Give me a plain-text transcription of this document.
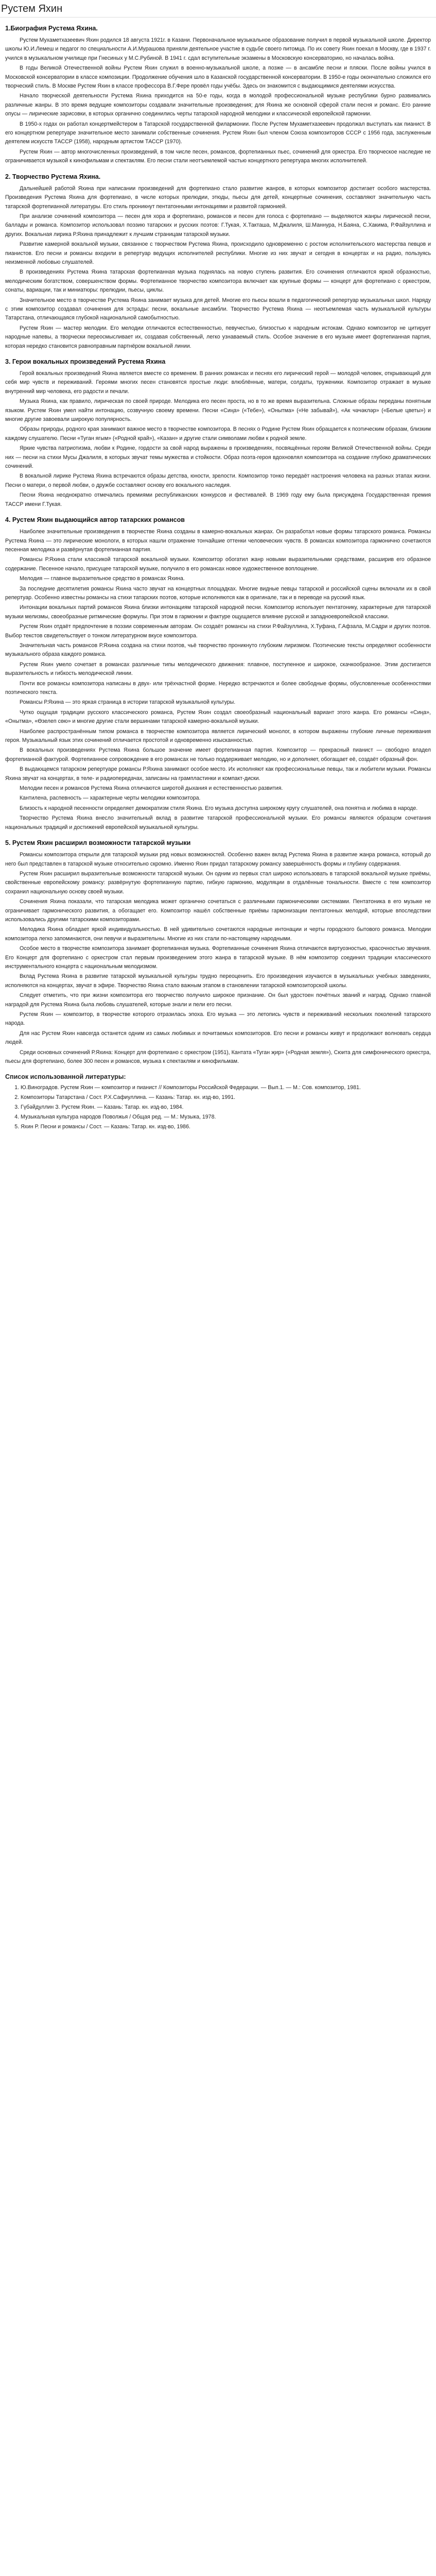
Рустем Яхин
1.Биография Рустема Яхина.

Рустем Мухаметхазеевич Яхин родился 18 августа 1921г. в Казани. Первоначальное музыкальное образование получил в первой музыкальной школе. Директор школы Ю.И.Лемеш и педагог по специальности А.И.Мурашова приняли деятельное участие в судьбе своего питомца. По их совету Яхин поехал в Москву, где в 1937 г. учился в музыкальном училище при Гнесиных у М.С.Рубиной. В 1941 г. сдал вступительные экзамены в Московскую консерваторию, но началась война.

В годы Великой Отечественной войны Рустем Яхин служил в военно-музыкальной школе, а позже — в ансамбле песни и пляски. После войны учился в Московской консерватории в классе композиции. Продолжение обучения шло в Казанской государственной консерватории. В 1950-е годы окончательно сложился его творческий стиль. В Москве Рустем Яхин в классе профессора В.Г.Фере провёл годы учёбы. Здесь он знакомится с выдающимися деятелями искусства.

Начало творческой деятельности Рустема Яхина приходится на 50-е годы, когда в молодой профессиональной музыке республики бурно развивались различные жанры. В это время ведущие композиторы создавали значительные произведения; для Яхина же основной сферой стали песня и романс. Его ранние опусы — лирические зарисовки, в которых органично соединились черты татарской народной мелодики и классической европейской гармонии.

В 1950-х годах он работал концертмейстером в Татарской государственной филармонии. После Рустем Мухаметхазеевич продолжал выступать как пианист. В его концертном репертуаре значительное место занимали собственные сочинения. Рустем Яхин был членом Союза композиторов СССР с 1956 года, заслуженным деятелем искусств ТАССР (1958), народным артистом ТАССР (1970).

Рустем Яхин — автор многочисленных произведений, в том числе песен, романсов, фортепианных пьес, сочинений для оркестра. Его творческое наследие не ограничивается музыкой к кинофильмам и спектаклям. Его песни стали неотъемлемой частью концертного репертуара многих исполнителей.

2. Творчество Рустема Яхина.

Дальнейшей работой Яхина при написании произведений для фортепиано стало развитие жанров, в которых композитор достигает особого мастерства. Произведения Рустема Яхина для фортепиано, в числе которых прелюдии, этюды, пьесы для детей, концертные сочинения, составляют значительную часть татарской фортепианной литературы. Его стиль проникнут пентатонными интонациями и развитой гармонией.

При анализе сочинений композитора — песен для хора и фортепиано, романсов и песен для голоса с фортепиано — выделяются жанры лирической песни, баллады и романса. Композитор использовал поэзию татарских и русских поэтов: Г.Тукая, Х.Такташа, М.Джалиля, Ш.Маннура, Н.Баяна, С.Хакима, Р.Файзуллина и других. Вокальная лирика Р.Яхина принадлежит к лучшим страницам татарской музыки.

Развитие камерной вокальной музыки, связанное с творчеством Рустема Яхина, происходило одновременно с ростом исполнительского мастерства певцов и пианистов. Его песни и романсы входили в репертуар ведущих исполнителей республики. Многие из них звучат и сегодня в концертах и на радио, пользуясь неизменной любовью слушателей.

В произведениях Рустема Яхина татарская фортепианная музыка поднялась на новую ступень развития. Его сочинения отличаются яркой образностью, мелодическим богатством, совершенством формы. Фортепианное творчество композитора включает как крупные формы — концерт для фортепиано с оркестром, сонаты, вариации, так и миниатюры: прелюдии, пьесы, циклы.

Значительное место в творчестве Рустема Яхина занимает музыка для детей. Многие его пьесы вошли в педагогический репертуар музыкальных школ. Наряду с этим композитор создавал сочинения для эстрады: песни, вокальные ансамбли. Творчество Рустема Яхина — неотъемлемая часть музыкальной культуры Татарстана, отличающаяся глубокой национальной самобытностью.

Рустем Яхин — мастер мелодии. Его мелодии отличаются естественностью, певучестью, близостью к народным истокам. Однако композитор не цитирует народные напевы, а творчески переосмысливает их, создавая собственный, легко узнаваемый стиль. Особое значение в его музыке имеет фортепианная партия, которая нередко становится равноправным партнёром вокальной линии.

3. Герои вокальных произведений Рустема Яхина

Герой вокальных произведений Яхина является вместе со временем. В ранних романсах и песнях его лирический герой — молодой человек, открывающий для себя мир чувств и переживаний. Героями многих песен становятся простые люди: влюблённые, матери, солдаты, труженики. Композитор отражает в музыке внутренний мир человека, его радости и печали.

Музыка Яхина, как правило, лирическая по своей природе. Мелодика его песен проста, но в то же время выразительна. Сложные образы переданы понятным языком. Рустем Яхин умел найти интонацию, созвучную своему времени. Песни «Сиңа» («Тебе»), «Онытма» («Не забывай»), «Ак чәчәкләр» («Белые цветы») и многие другие завоевали широкую популярность.

Образы природы, родного края занимают важное место в творчестве композитора. В песнях о Родине Рустем Яхин обращается к поэтическим образам, близким каждому слушателю. Песни «Туган ягым» («Родной край»), «Казан» и другие стали символами любви к родной земле.

Яркие чувства патриотизма, любви к Родине, гордости за свой народ выражены в произведениях, посвящённых героям Великой Отечественной войны. Среди них — песни на стихи Мусы Джалиля, в которых звучат темы мужества и стойкости. Образ поэта-героя вдохновлял композитора на создание глубоко драматических сочинений.

В вокальной лирике Рустема Яхина встречаются образы детства, юности, зрелости. Композитор тонко передаёт настроения человека на разных этапах жизни. Песни о матери, о первой любви, о дружбе составляют основу его вокального наследия.

Песни Яхина неоднократно отмечались премиями республиканских конкурсов и фестивалей. В 1969 году ему была присуждена Государственная премия ТАССР имени Г.Тукая.

4. Рустем Яхин выдающийся автор татарских романсов

Наиболее значительные произведения в творчестве Яхина созданы в камерно-вокальных жанрах. Он разработал новые формы татарского романса. Романсы Рустема Яхина — это лирические монологи, в которых нашли отражение тончайшие оттенки человеческих чувств. В романсах композитора гармонично сочетаются песенная мелодика и развёрнутая фортепианная партия.

Романсы Р.Яхина стали классикой татарской вокальной музыки. Композитор обогатил жанр новыми выразительными средствами, расширив его образное содержание. Песенное начало, присущее татарской музыке, получило в его романсах новое художественное воплощение.

Мелодия — главное выразительное средство в романсах Яхина.

За последние десятилетия романсы Яхина часто звучат на концертных площадках. Многие видные певцы татарской и российской сцены включали их в свой репертуар. Особенно известны романсы на стихи татарских поэтов, которые исполняются как в оригинале, так и в переводе на русский язык.

Интонации вокальных партий романсов Яхина близки интонациям татарской народной песни. Композитор использует пентатонику, характерные для татарской музыки мелизмы, своеобразные ритмические формулы. При этом в гармонии и фактуре ощущается влияние русской и западноевропейской классики.

Рустем Яхин отдаёт предпочтение в поэзии современным авторам. Он создаёт романсы на стихи Р.Файзуллина, Х.Туфана, Г.Афзала, М.Садри и других поэтов. Выбор текстов свидетельствует о тонком литературном вкусе композитора.

Значительная часть романсов Р.Яхина создана на стихи поэтов, чьё творчество проникнуто глубоким лиризмом. Поэтические тексты определяют особенности музыкального образа каждого романса.

Рустем Яхин умело сочетает в романсах различные типы мелодического движения: плавное, поступенное и широкое, скачкообразное. Этим достигается выразительность и гибкость мелодической линии.

Почти все романсы композитора написаны в двух- или трёхчастной форме. Нередко встречаются и более свободные формы, обусловленные особенностями поэтического текста.

Романсы Р.Яхина — это яркая страница в истории татарской музыкальной культуры.

Чутко ощущая традиции русского классического романса, Рустем Яхин создал своеобразный национальный вариант этого жанра. Его романсы «Сиңа», «Онытма», «Өзелеп сөю» и многие другие стали вершинами татарской камерно-вокальной музыки.

Наиболее распространённым типом романса в творчестве композитора является лирический монолог, в котором выражены глубокие личные переживания героя. Музыкальный язык этих сочинений отличается простотой и одновременно изысканностью.

В вокальных произведениях Рустема Яхина большое значение имеет фортепианная партия. Композитор — прекрасный пианист — свободно владел фортепианной фактурой. Фортепианное сопровождение в его романсах не только поддерживает мелодию, но и дополняет, обогащает её, создаёт образный фон.

В выдающемся татарском репертуаре романсы Р.Яхина занимают особое место. Их исполняют как профессиональные певцы, так и любители музыки. Романсы Яхина звучат на концертах, в теле- и радиопередачах, записаны на грампластинки и компакт-диски.

Мелодии песен и романсов Рустема Яхина отличаются широтой дыхания и естественностью развития.

Кантилена, распевность — характерные черты мелодики композитора.

Близость к народной песенности определяет демократизм стиля Яхина. Его музыка доступна широкому кругу слушателей, она понятна и любима в народе.

Творчество Рустема Яхина внесло значительный вклад в развитие татарской профессиональной музыки. Его романсы являются образцом сочетания национальных традиций и достижений европейской музыкальной культуры.

5. Рустем Яхин расширил возможности татарской музыки

Романсы композитора открыли для татарской музыки ряд новых возможностей. Особенно важен вклад Рустема Яхина в развитие жанра романса, который до него был представлен в татарской музыке относительно скромно. Именно Яхин придал татарскому романсу завершённость формы и глубину содержания.

Рустем Яхин расширил выразительные возможности татарской музыки. Он одним из первых стал широко использовать в татарской вокальной музыке приёмы, свойственные европейскому романсу: развёрнутую фортепианную партию, гибкую гармонию, модуляции в отдалённые тональности. Вместе с тем композитор сохранил национальную основу своей музыки.

Сочинения Яхина показали, что татарская мелодика может органично сочетаться с различными гармоническими системами. Пентатоника в его музыке не ограничивает гармонического развития, а обогащает его. Композитор нашёл собственные приёмы гармонизации пентатонных мелодий, которые впоследствии использовались другими татарскими композиторами.

Мелодика Яхина обладает яркой индивидуальностью. В ней удивительно сочетаются народные интонации и черты городского бытового романса. Мелодии композитора легко запоминаются, они певучи и выразительны. Многие из них стали по-настоящему народными.

Особое место в творчестве композитора занимает фортепианная музыка. Фортепианные сочинения Яхина отличаются виртуозностью, красочностью звучания. Его Концерт для фортепиано с оркестром стал первым произведением этого жанра в татарской музыке. В нём композитор соединил традиции классического инструментального концерта с национальным мелодизмом.

Вклад Рустема Яхина в развитие татарской музыкальной культуры трудно переоценить. Его произведения изучаются в музыкальных учебных заведениях, исполняются на концертах, звучат в эфире. Творчество Яхина стало важным этапом в становлении татарской композиторской школы.

Следует отметить, что при жизни композитора его творчество получило широкое признание. Он был удостоен почётных званий и наград. Однако главной наградой для Рустема Яхина была любовь слушателей, которые знали и пели его песни.

Рустем Яхин — композитор, в творчестве которого отразилась эпоха. Его музыка — это летопись чувств и переживаний нескольких поколений татарского народа.

Для нас Рустем Яхин навсегда останется одним из самых любимых и почитаемых композиторов. Его песни и романсы живут и продолжают волновать сердца людей.

Среди основных сочинений Р.Яхина: Концерт для фортепиано с оркестром (1951), Кантата «Туган җир» («Родная земля»), Сюита для симфонического оркестра, пьесы для фортепиано, более 300 песен и романсов, музыка к спектаклям и кинофильмам.

Список использованной литературы:
1. Ю.Виноградов. Рустем Яхин — композитор и пианист // Композиторы Российской Федерации. — Вып.1. — М.: Сов. композитор, 1981.
2. Композиторы Татарстана / Сост. Р.Х.Сафиуллина. — Казань: Татар. кн. изд-во, 1991.
3. Гүбәйдуллин З. Рустем Яхин. — Казань: Татар. кн. изд-во, 1984.
4. Музыкальная культура народов Поволжья / Общая ред. — М.: Музыка, 1978.
5. Яхин Р. Песни и романсы / Сост. — Казань: Татар. кн. изд-во, 1986.
